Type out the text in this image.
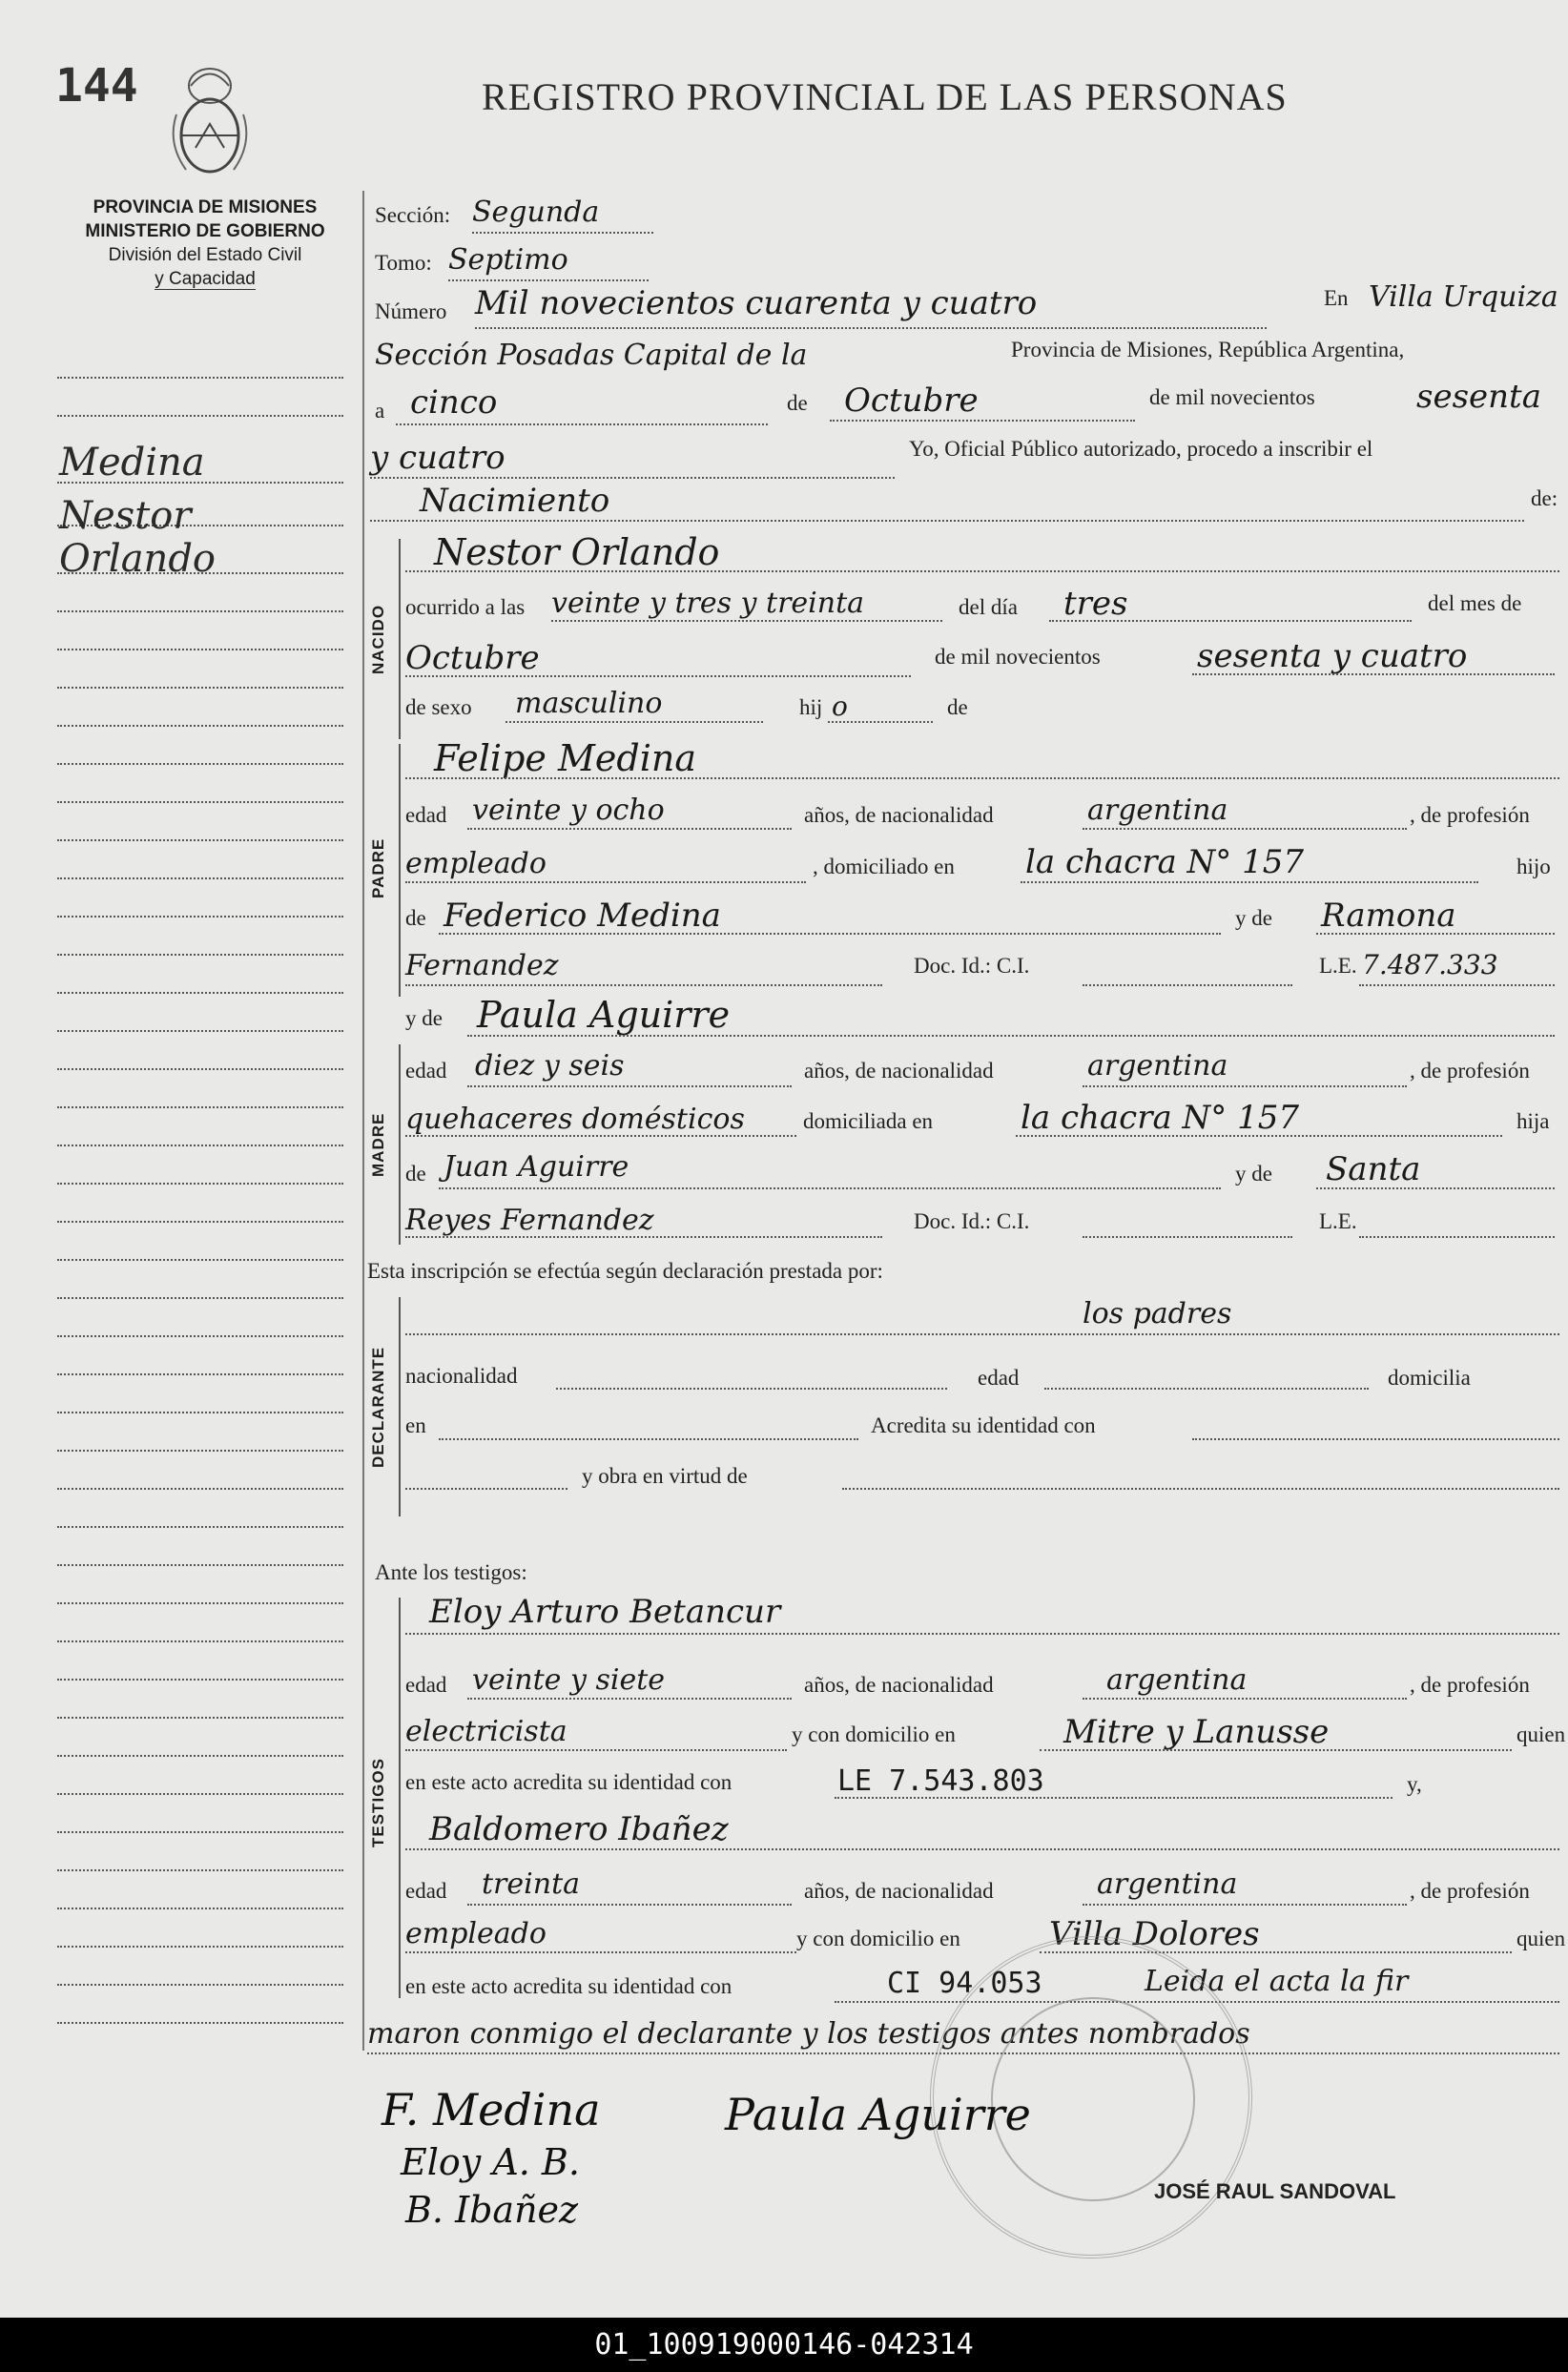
144	REGISTRO PROVINCIAL DE LAS PERSONAS
PROVINCIA DE MISIONES
MINISTERIO DE GOBIERNO
División del Estado Civil
y Capacidad
Medina
Nestor
Orlando
Sección: Segunda
Tomo: Septimo
Número Mil novecientos cuarenta y cuatro	En Villa Urquiza
Sección Posadas Capital de la	Provincia de Misiones, República Argentina,
a cinco	de Octubre	de mil novecientos	sesenta
y cuatro	Yo, Oficial Público autorizado, procedo a inscribir el
Nacimiento	de:
NACIDO
Nestor Orlando
ocurrido a las veinte y tres y treinta	del día tres	del mes de
Octubre	de mil novecientos	sesenta y cuatro
de sexo masculino	hij o	de
PADRE
Felipe Medina
edad veinte y ocho	años, de nacionalidad	argentina	, de profesión
empleado	, domiciliado en la chacra N° 157	hijo
de Federico Medina	y de Ramona
Fernandez	Doc. Id.: C.I.	L.E. 7.487.333
y de Paula Aguirre
MADRE
edad diez y seis	años, de nacionalidad	argentina	, de profesión
quehaceres domésticos	domiciliada en	la chacra N° 157	hija
de Juan Aguirre	y de Santa
Reyes Fernandez	Doc. Id.: C.I.	L.E.
Esta inscripción se efectúa según declaración prestada por:
DECLARANTE
los padres
nacionalidad	edad	domicilia
en	Acredita su identidad con
y obra en virtud de
Ante los testigos:
TESTIGOS
Eloy Arturo Betancur
edad veinte y siete	años, de nacionalidad	argentina	, de profesión
electricista	y con domicilio en	Mitre y Lanusse	quien
en este acto acredita su identidad con	LE 7.543.803	y,
Baldomero Ibañez
edad treinta	años, de nacionalidad	argentina	, de profesión
empleado	y con domicilio en	Villa Dolores	quien
en este acto acredita su identidad con	CI 94.053	Leida el acta la fir
maron conmigo el declarante y los testigos antes nombrados
F. Medina	Paula Aguirre
Eloy A. B.
B. Ibañez	JOSÉ RAUL SANDOVAL
01_100919000146-042314
